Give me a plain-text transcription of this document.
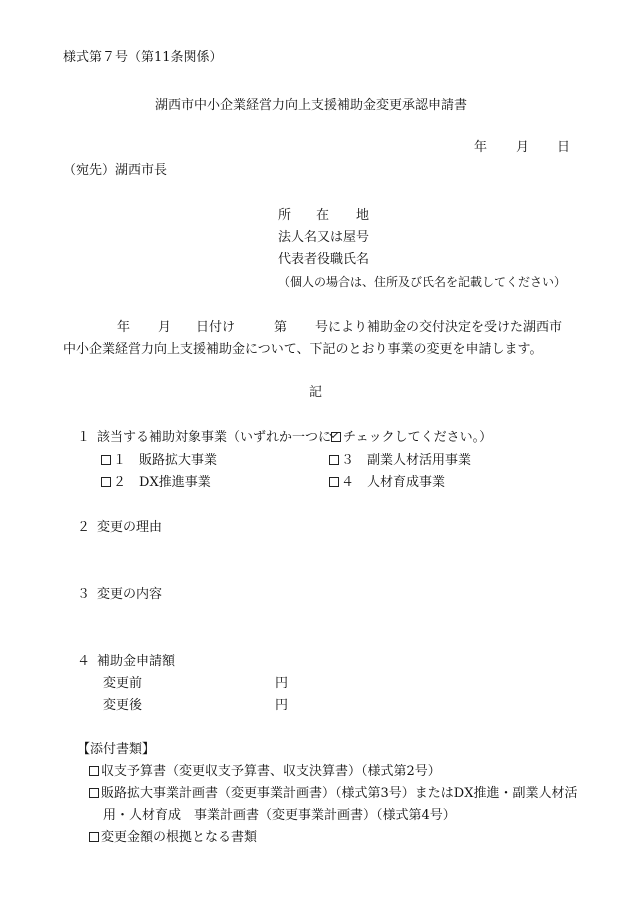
様式第７号（第11条関係）
湖西市中小企業経営力向上支援補助金変更承認申請書
年 月 日
（宛先）湖西市長
所 在 地
法人名又は屋号
代表者役職氏名
（個人の場合は、住所及び氏名を記載してください）
年 月 日付け	第 号により補助金の交付決定を受けた湖西市
中小企業経営力向上支援補助金について、下記のとおり事業の変更を申請します。
記
１ 該当する補助対象事業（いずれか一つに チェックしてください。）
１　 販路拡大事業	３　 副業人材活用事業
２　 DX推進事業	４　 人材育成事業
２ 変更の理由
３ 変更の内容
４ 補助金申請額
変更前	円
変更後	円
【添付書類】
収支予算書（変更収支予算書、収支決算書）（様式第2号）
販路拡大事業計画書（変更事業計画書）（様式第3号）またはDX推進・副業人材活
用・人材育成　事業計画書（変更事業計画書）（様式第4号）
変更金額の根拠となる書類
